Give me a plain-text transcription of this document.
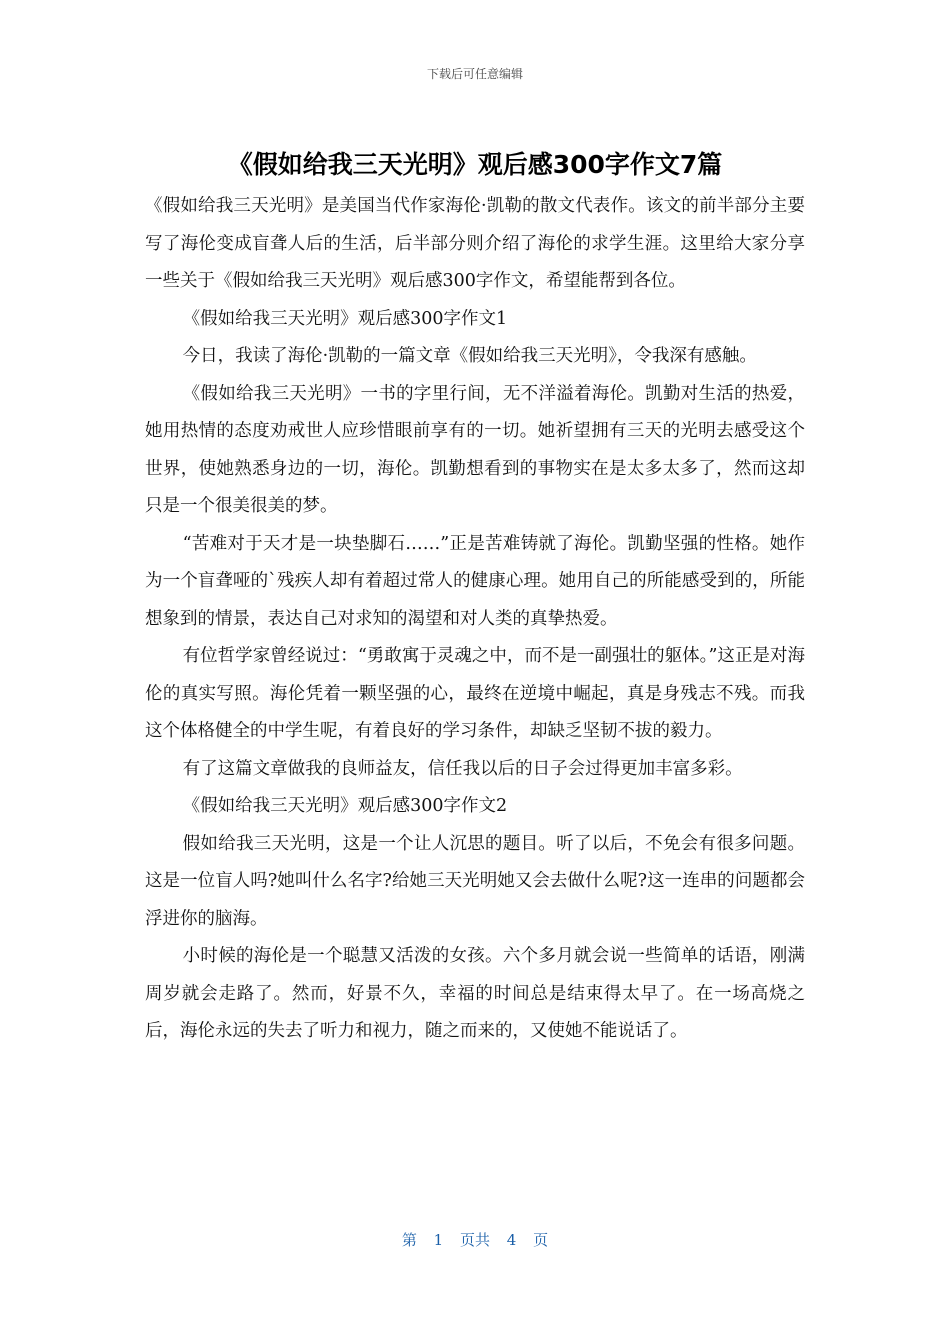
下载后可任意编辑
《假如给我三天光明》观后感300字作文7篇

《假如给我三天光明》是美国当代作家海伦·凯勒的散文代表作。该文的前半部分主要写了海伦变成盲聋人后的生活，后半部分则介绍了海伦的求学生涯。这里给大家分享一些关于《假如给我三天光明》观后感300字作文，希望能帮到各位。

《假如给我三天光明》观后感300字作文1

今日，我读了海伦·凯勒的一篇文章《假如给我三天光明》，令我深有感触。

《假如给我三天光明》一书的字里行间，无不洋溢着海伦。凯勤对生活的热爱，她用热情的态度劝戒世人应珍惜眼前享有的一切。她祈望拥有三天的光明去感受这个世界，使她熟悉身边的一切，海伦。凯勤想看到的事物实在是太多太多了，然而这却只是一个很美很美的梦。

“苦难对于天才是一块垫脚石……”正是苦难铸就了海伦。凯勤坚强的性格。她作为一个盲聋哑的`残疾人却有着超过常人的健康心理。她用自己的所能感受到的，所能想象到的情景，表达自己对求知的渴望和对人类的真挚热爱。

有位哲学家曾经说过：“勇敢寓于灵魂之中，而不是一副强壮的躯体。”这正是对海伦的真实写照。海伦凭着一颗坚强的心，最终在逆境中崛起，真是身残志不残。而我这个体格健全的中学生呢，有着良好的学习条件，却缺乏坚韧不拔的毅力。

有了这篇文章做我的良师益友，信任我以后的日子会过得更加丰富多彩。

《假如给我三天光明》观后感300字作文2

假如给我三天光明，这是一个让人沉思的题目。听了以后，不免会有很多问题。这是一位盲人吗?她叫什么名字?给她三天光明她又会去做什么呢?这一连串的问题都会浮进你的脑海。

小时候的海伦是一个聪慧又活泼的女孩。六个多月就会说一些简单的话语，刚满周岁就会走路了。然而，好景不久，幸福的时间总是结束得太早了。在一场高烧之后，海伦永远的失去了听力和视力，随之而来的，又使她不能说话了。

第 1 页共 4 页
